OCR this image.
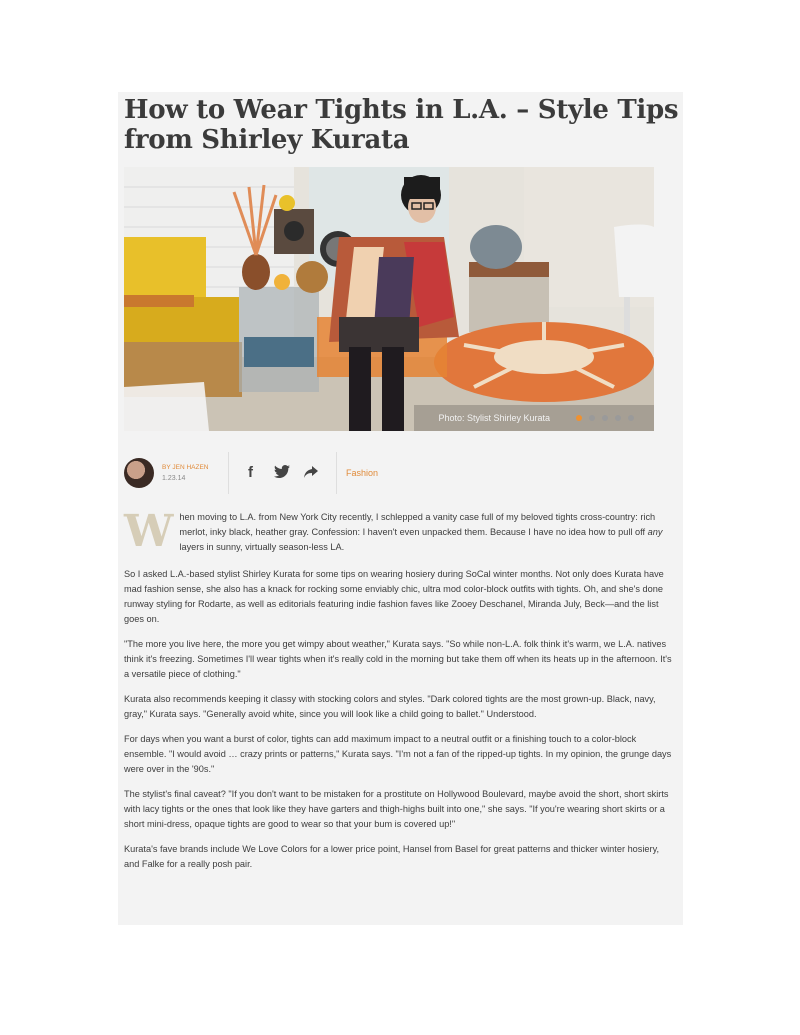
How to Wear Tights in L.A. – Style Tips from Shirley Kurata
Photo: Stylist Shirley Kurata
BY JEN HAZEN
1.23.14	f	Fashion

When moving to L.A. from New York City recently, I schlepped a vanity case full of my beloved tights cross-country: rich merlot, inky black, heather gray. Confession: I haven't even unpacked them. Because I have no idea how to pull off any layers in sunny, virtually season-less LA.

So I asked L.A.-based stylist Shirley Kurata for some tips on wearing hosiery during SoCal winter months. Not only does Kurata have mad fashion sense, she also has a knack for rocking some enviably chic, ultra mod color-block outfits with tights. Oh, and she's done runway styling for Rodarte, as well as editorials featuring indie fashion faves like Zooey Deschanel, Miranda July, Beck—and the list goes on.

"The more you live here, the more you get wimpy about weather," Kurata says. "So while non-L.A. folk think it's warm, we L.A. natives think it's freezing. Sometimes I'll wear tights when it's really cold in the morning but take them off when its heats up in the afternoon. It's a versatile piece of clothing."

Kurata also recommends keeping it classy with stocking colors and styles. "Dark colored tights are the most grown-up. Black, navy, gray," Kurata says. "Generally avoid white, since you will look like a child going to ballet." Understood.

For days when you want a burst of color, tights can add maximum impact to a neutral outfit or a finishing touch to a color-block ensemble. "I would avoid … crazy prints or patterns," Kurata says. "I'm not a fan of the ripped-up tights. In my opinion, the grunge days were over in the '90s."

The stylist's final caveat? "If you don't want to be mistaken for a prostitute on Hollywood Boulevard, maybe avoid the short, short skirts with lacy tights or the ones that look like they have garters and thigh-highs built into one," she says. "If you're wearing short skirts or a short mini-dress, opaque tights are good to wear so that your bum is covered up!"

Kurata's fave brands include We Love Colors for a lower price point, Hansel from Basel for great patterns and thicker winter hosiery, and Falke for a really posh pair.
